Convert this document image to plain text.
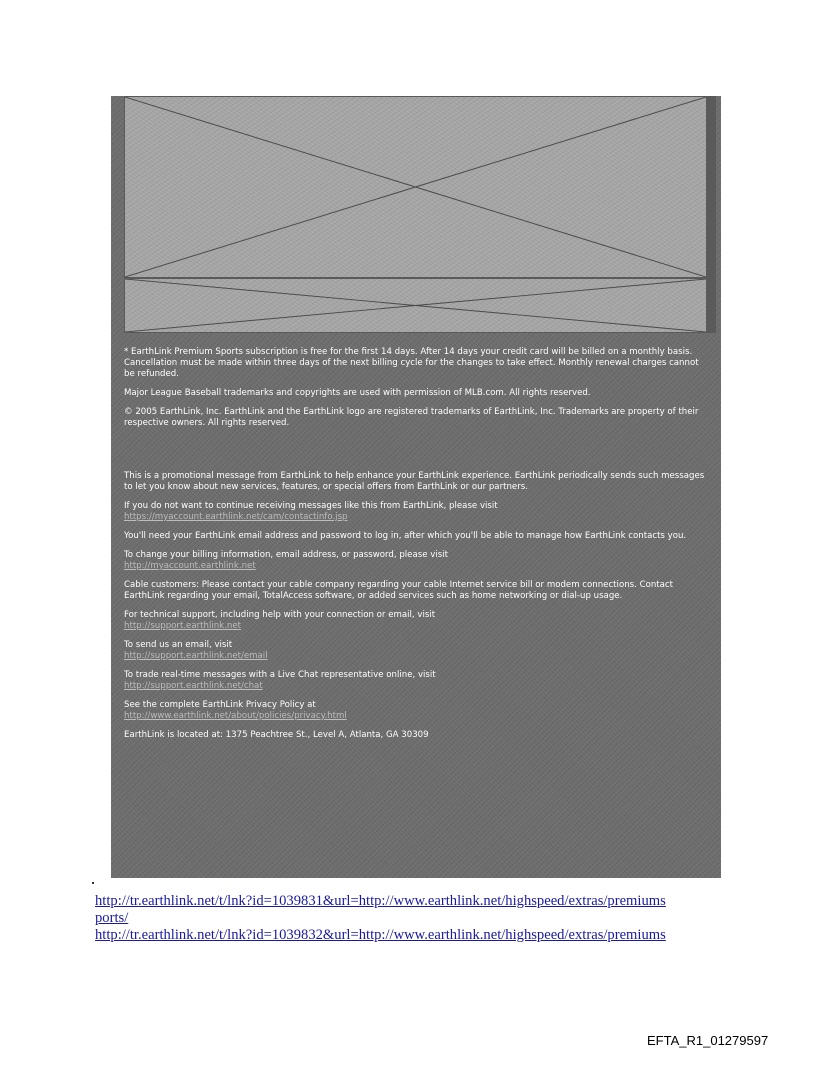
* EarthLink Premium Sports subscription is free for the first 14 days. After 14 days your credit card will be billed on a monthly basis. Cancellation must be made within three days of the next billing cycle for the changes to take effect. Monthly renewal charges cannot be refunded.

Major League Baseball trademarks and copyrights are used with permission of MLB.com. All rights reserved.

© 2005 EarthLink, Inc. EarthLink and the EarthLink logo are registered trademarks of EarthLink, Inc. Trademarks are property of their respective owners. All rights reserved.

This is a promotional message from EarthLink to help enhance your EarthLink experience. EarthLink periodically sends such messages to let you know about new services, features, or special offers from EarthLink or our partners.

If you do not want to continue receiving messages like this from EarthLink, please visit
https://myaccount.earthlink.net/cam/contactinfo.jsp

You'll need your EarthLink email address and password to log in, after which you'll be able to manage how EarthLink contacts you.

To change your billing information, email address, or password, please visit
http://myaccount.earthlink.net

Cable customers: Please contact your cable company regarding your cable Internet service bill or modem connections. Contact EarthLink regarding your email, TotalAccess software, or added services such as home networking or dial-up usage.

For technical support, including help with your connection or email, visit
http://support.earthlink.net

To send us an email, visit
http://support.earthlink.net/email

To trade real-time messages with a Live Chat representative online, visit
http://support.earthlink.net/chat

See the complete EarthLink Privacy Policy at
http://www.earthlink.net/about/policies/privacy.html

EarthLink is located at: 1375 Peachtree St., Level A, Atlanta, GA 30309

http://tr.earthlink.net/t/lnk?id=1039831&url=http://www.earthlink.net/highspeed/extras/premiums
ports/
http://tr.earthlink.net/t/lnk?id=1039832&url=http://www.earthlink.net/highspeed/extras/premiums
EFTA_R1_01279597
